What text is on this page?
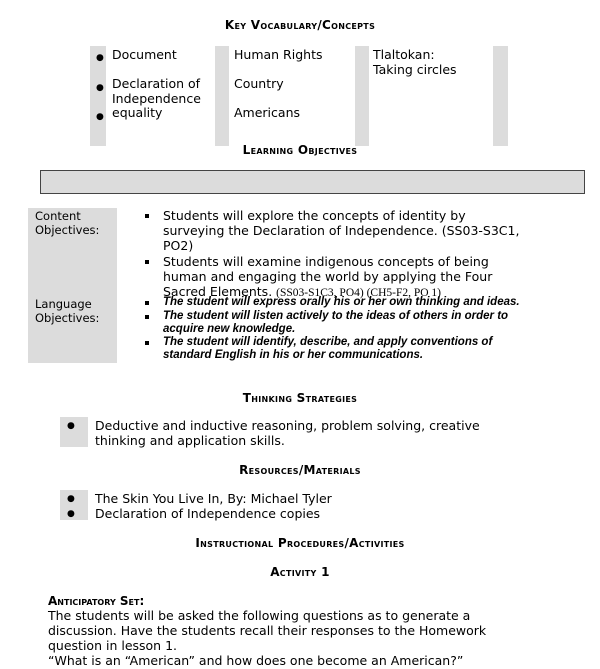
Key Vocabulary/Concepts
●
●
●
Document
Declaration of
Independence
equality
Human Rights
Country
Americans
Tlaltokan:
Taking circles
Learning Objectives
Content
Objectives:
Language
Objectives:
Students will explore the concepts of identity by
surveying the Declaration of Independence. (SS03-S3C1,
PO2)
Students will examine indigenous concepts of being
human and engaging the world by applying the Four
Sacred Elements. (SS03-S1C3, PO4) (CH5-F2, PO 1)
The student will express orally his or her own thinking and ideas.
The student will listen actively to the ideas of others in order to
acquire new knowledge.
The student will identify, describe, and apply conventions of
standard English in his or her communications.
Thinking Strategies
● Deductive and inductive reasoning, problem solving, creative
thinking and application skills.
Resources/Materials
●
●
The Skin You Live In, By: Michael Tyler
Declaration of Independence copies
Instructional Procedures/Activities
Activity 1
Anticipatory Set:
The students will be asked the following questions as to generate a
discussion. Have the students recall their responses to the Homework
question in lesson 1.
“What is an “American” and how does one become an American?”
